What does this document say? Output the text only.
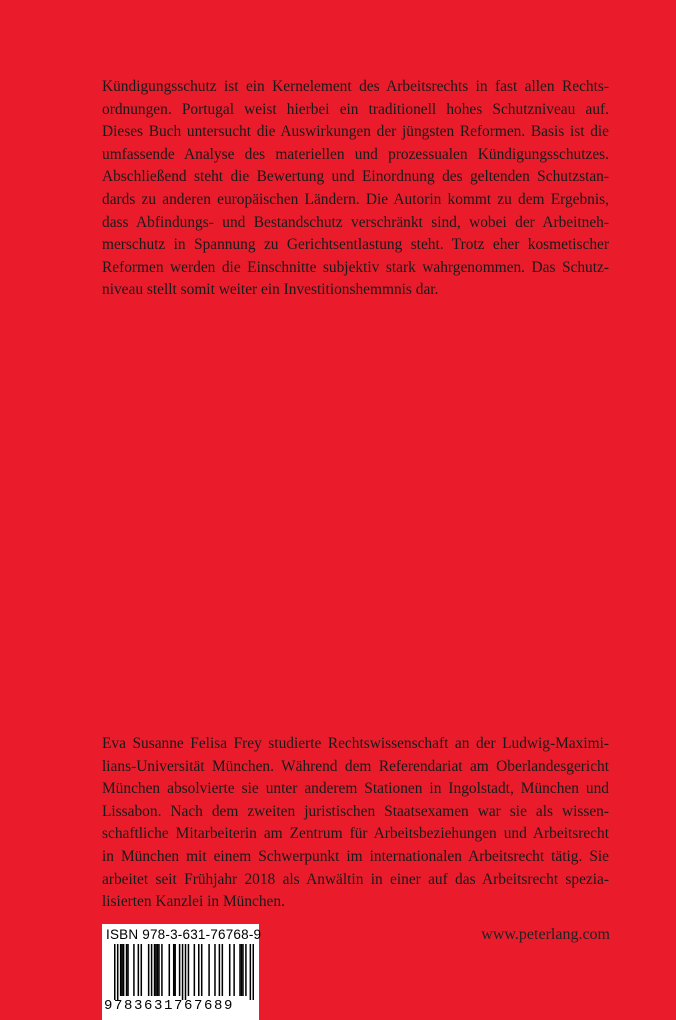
Kündigungsschutz ist ein Kernelement des Arbeitsrechts in fast allen Rechts-
ordnungen. Portugal weist hierbei ein traditionell hohes Schutzniveau auf.
Dieses Buch untersucht die Auswirkungen der jüngsten Reformen. Basis ist die
umfassende Analyse des materiellen und prozessualen Kündigungsschutzes.
Abschließend steht die Bewertung und Einordnung des geltenden Schutzstan-
dards zu anderen europäischen Ländern. Die Autorin kommt zu dem Ergebnis,
dass Abfindungs- und Bestandschutz verschränkt sind, wobei der Arbeitneh-
merschutz in Spannung zu Gerichtsentlastung steht. Trotz eher kosmetischer
Reformen werden die Einschnitte subjektiv stark wahrgenommen. Das Schutz-
niveau stellt somit weiter ein Investitionshemmnis dar.
Eva Susanne Felisa Frey studierte Rechtswissenschaft an der Ludwig-Maximi-
lians-Universität München. Während dem Referendariat am Oberlandesgericht
München absolvierte sie unter anderem Stationen in Ingolstadt, München und
Lissabon. Nach dem zweiten juristischen Staatsexamen war sie als wissen-
schaftliche Mitarbeiterin am Zentrum für Arbeitsbeziehungen und Arbeitsrecht
in München mit einem Schwerpunkt im internationalen Arbeitsrecht tätig. Sie
arbeitet seit Frühjahr 2018 als Anwältin in einer auf das Arbeitsrecht spezia-
lisierten Kanzlei in München.
ISBN 978-3-631-76768-9
9783631767689
www.peterlang.com
